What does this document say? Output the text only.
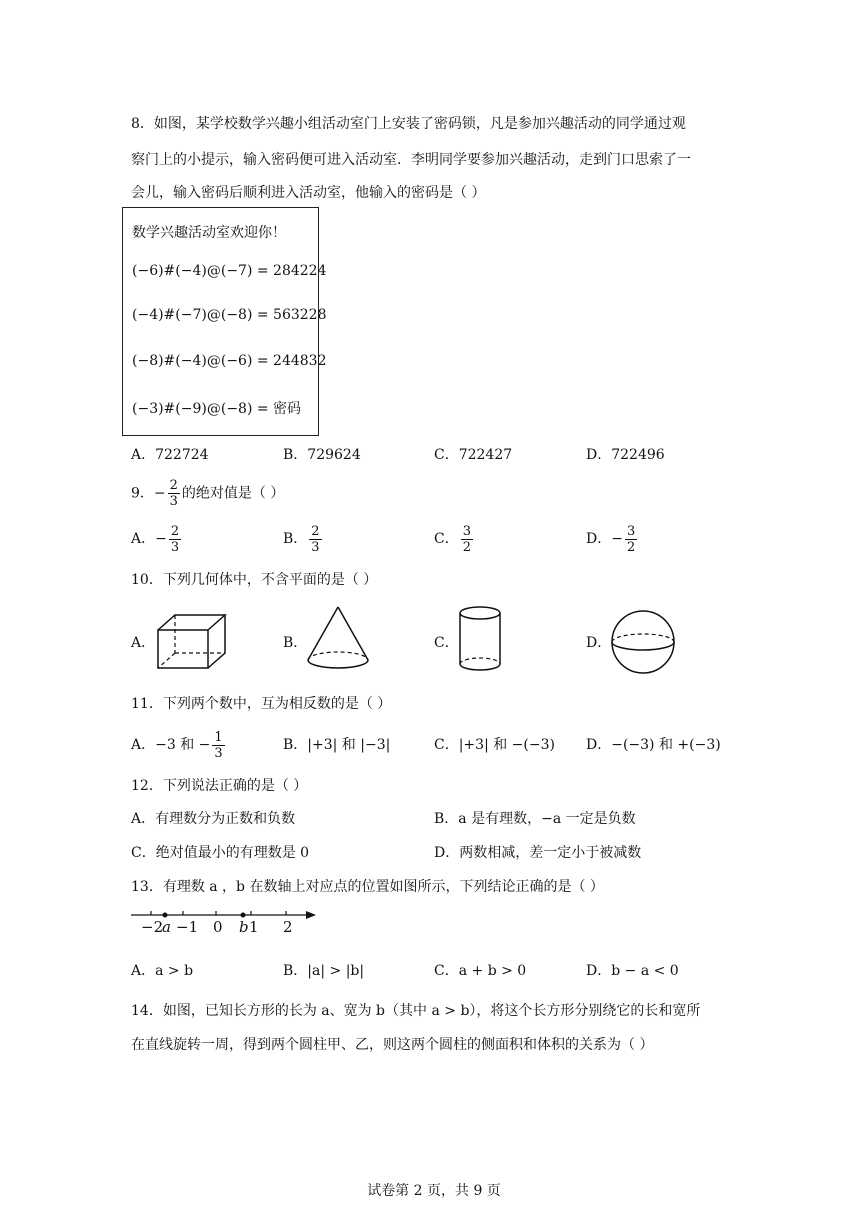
8．如图，某学校数学兴趣小组活动室门上安装了密码锁，凡是参加兴趣活动的同学通过观
察门上的小提示，输入密码便可进入活动室．李明同学要参加兴趣活动，走到门口思索了一
会儿，输入密码后顺利进入活动室，他输入的密码是（ ）
数学兴趣活动室欢迎你！
(−6)#(−4)@(−7) = 284224
(−4)#(−7)@(−8) = 563228
(−8)#(−4)@(−6) = 244832
(−3)#(−9)@(−8) = 密码
A．722724	B．729624	C．722427	D．722496
9．− $\frac{2}{3}$ 的绝对值是（ ）
A．− $\frac{2}{3}$	B． $\frac{2}{3}$	C． $\frac{3}{2}$	D．− $\frac{3}{2}$
10．下列几何体中，不含平面的是（ ）
A．	B．	C．	D．
11．下列两个数中，互为相反数的是（ ）
A．−3 和 − $\frac{1}{3}$	B．|+3| 和 |−3|	C．|+3| 和 −(−3) D．−(−3) 和 +(−3)
12．下列说法正确的是（ ）
A．有理数分为正数和负数	B．a 是有理数，−a 一定是负数
C．绝对值最小的有理数是 0	D．两数相减，差一定小于被减数
13．有理数 a ，b 在数轴上对应点的位置如图所示，下列结论正确的是（ ）
−2
a −1 0 b 1 2
A．a > b	B．|a| > |b|	C．a + b > 0	D．b − a < 0
14．如图，已知长方形的长为 a、宽为 b（其中 a > b），将这个长方形分别绕它的长和宽所
在直线旋转一周，得到两个圆柱甲、乙，则这两个圆柱的侧面积和体积的关系为（ ）
试卷第 2 页，共 9 页
